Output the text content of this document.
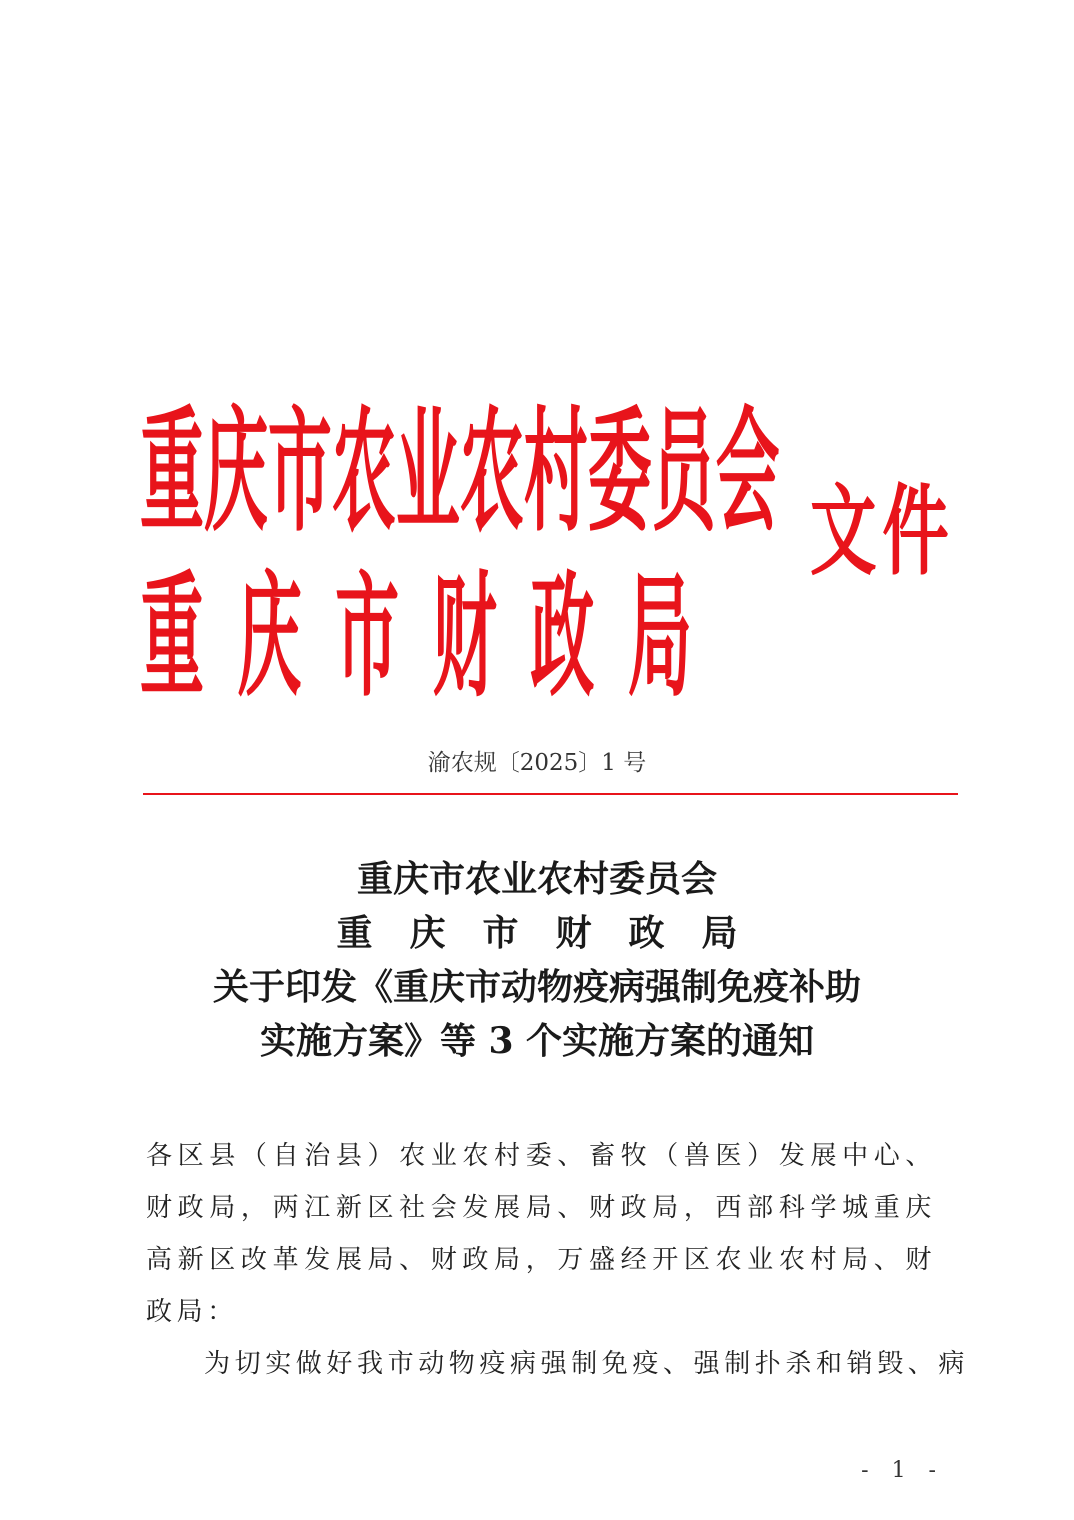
重庆市农业农村委员会
重庆市财政局
文件
渝农规〔2025〕1 号
重庆市农业农村委员会
重庆市财政局
关于印发《重庆市动物疫病强制免疫补助
实施方案》等 3 个实施方案的通知

各区县（自治县）农业农村委、畜牧（兽医）发展中心、财政局，两江新区社会发展局、财政局，西部科学城重庆高新区改革发展局、财政局，万盛经开区农业农村局、财政局：

为切实做好我市动物疫病强制免疫、强制扑杀和销毁、病

- 1 -
